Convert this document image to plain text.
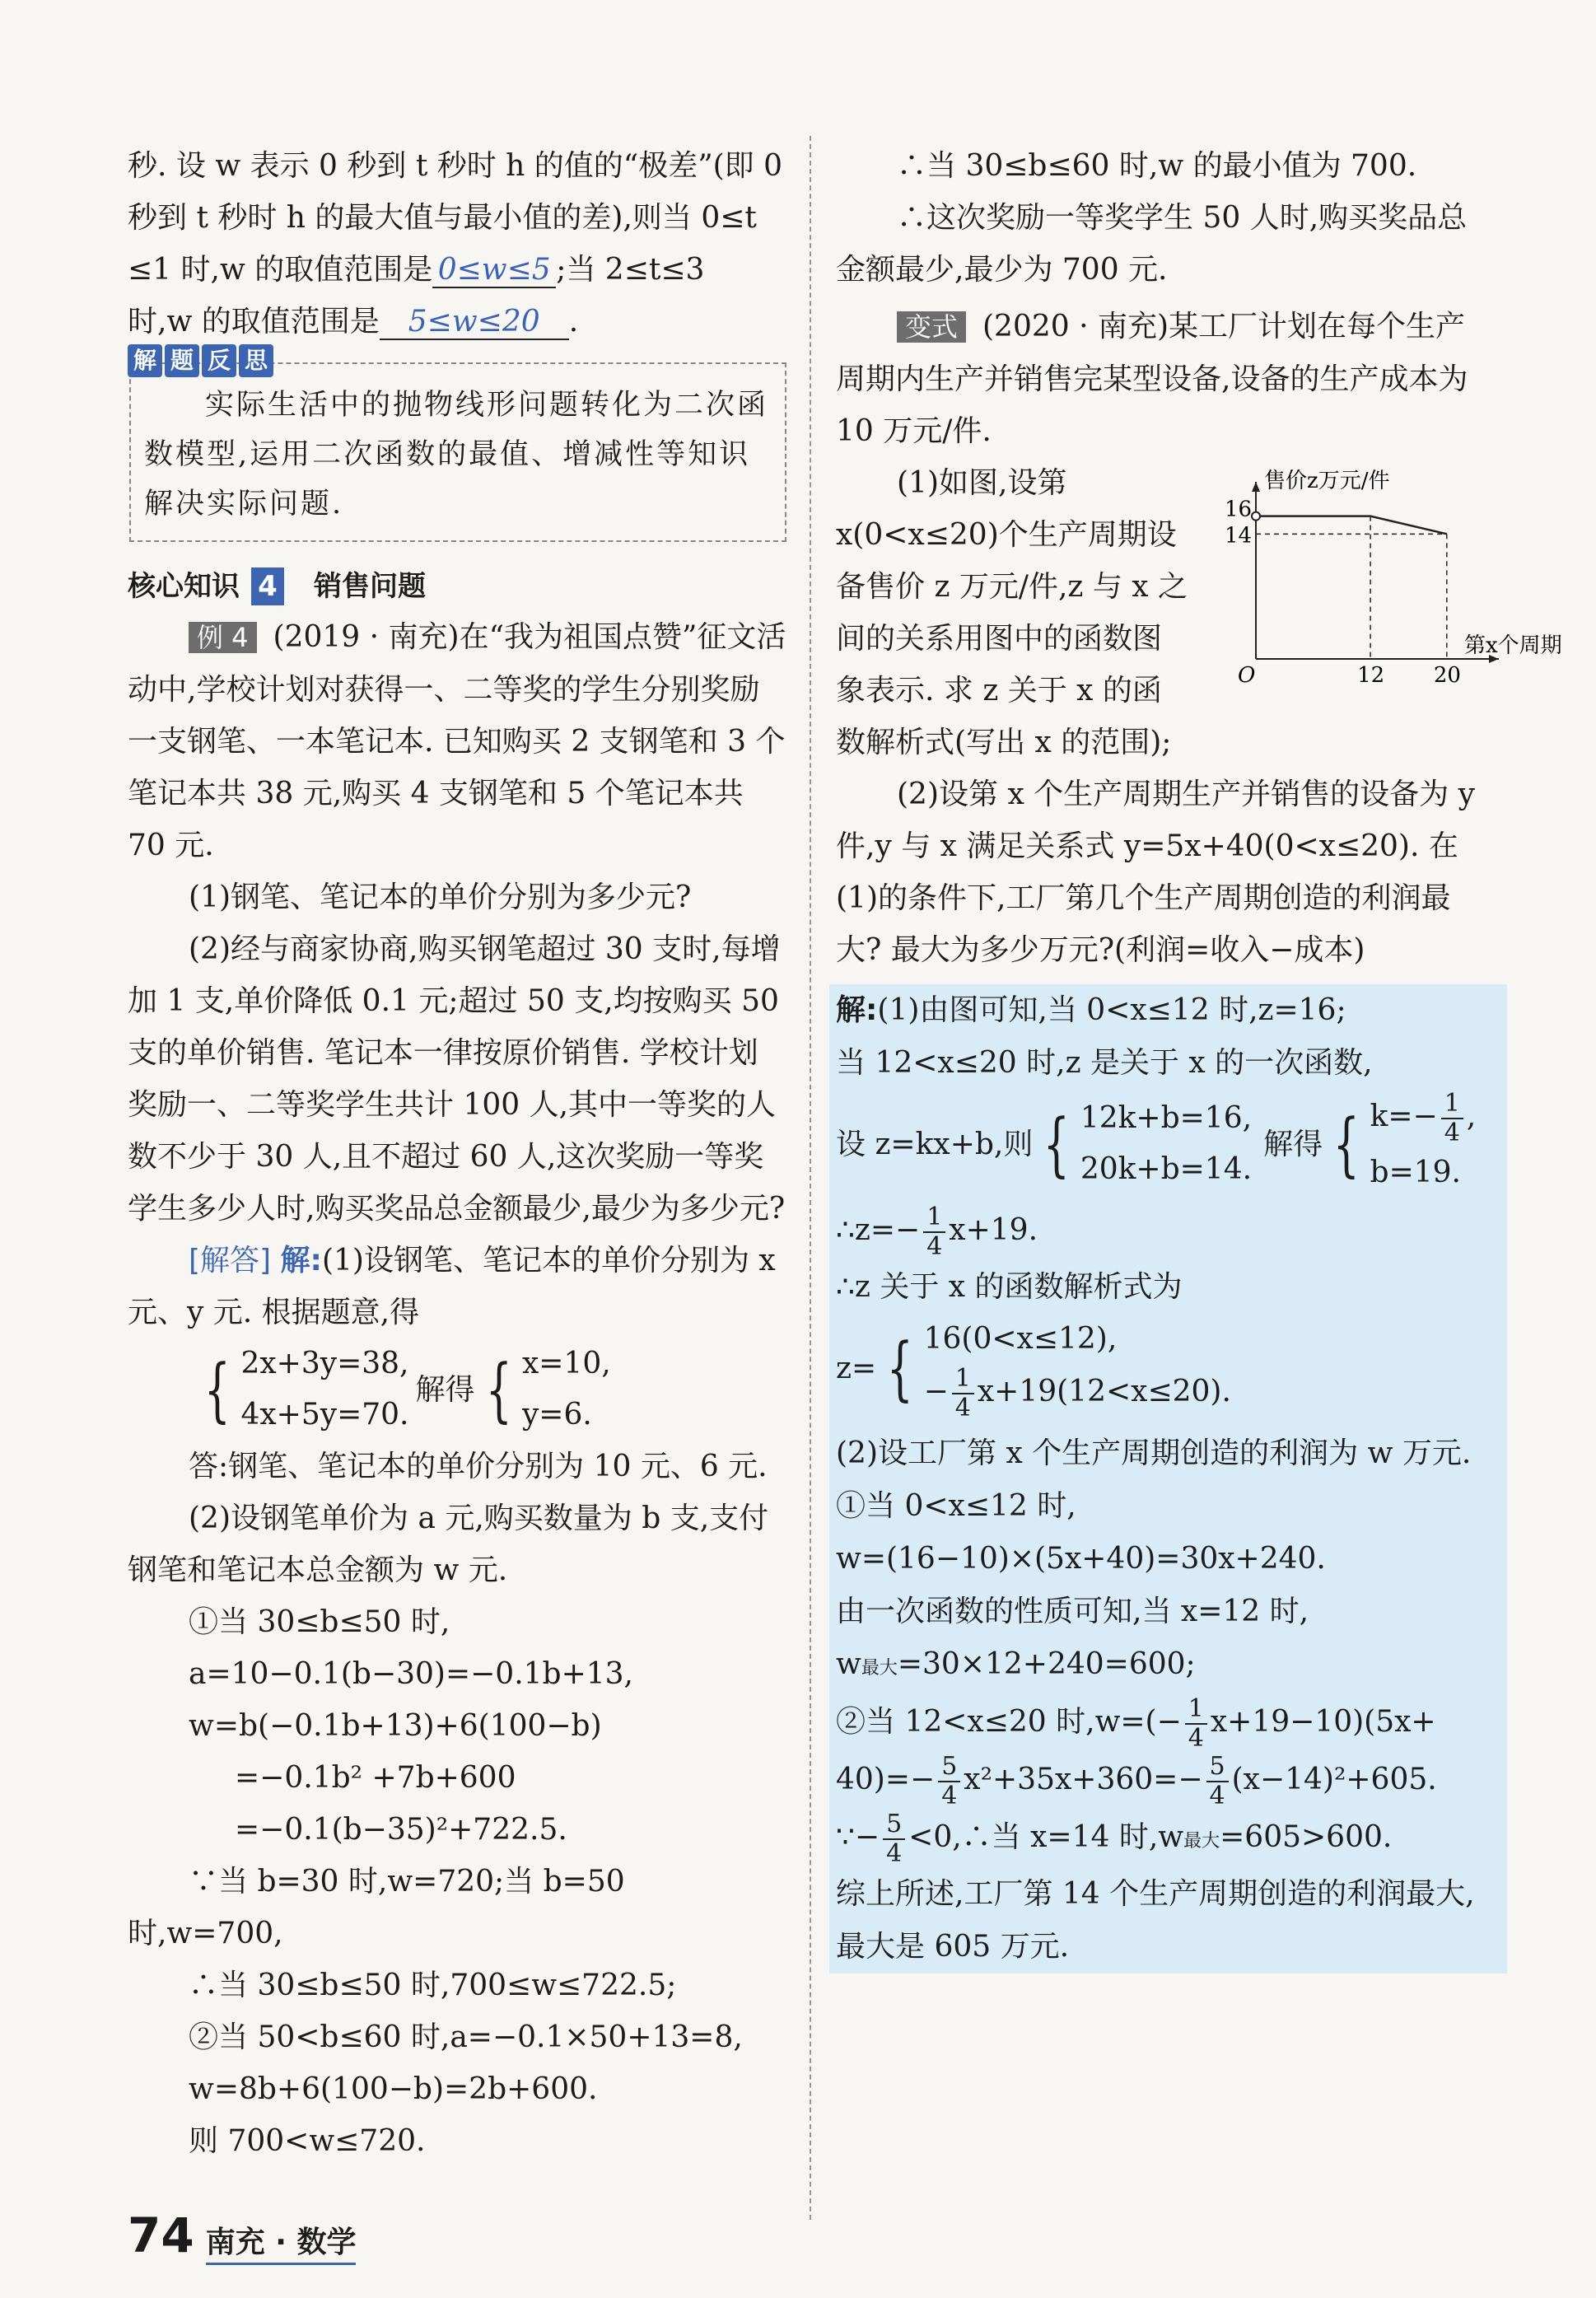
秒. 设 w 表示 0 秒到 t 秒时 h 的值的“极差”(即 0

秒到 t 秒时 h 的最大值与最小值的差),则当 0≤t

≤1 时,w 的取值范围是 0≤w≤5 ;当 2≤t≤3

时,w 的取值范围是 5≤w≤20 .

解 题 反 思

实际生活中的抛物线形问题转化为二次函数模型,运用二次函数的最值、增减性等知识解决实际问题.

核心知识 4 销售问题

例 4 (2019 · 南充)在“我为祖国点赞”征文活动中,学校计划对获得一、二等奖的学生分别奖励一支钢笔、一本笔记本. 已知购买 2 支钢笔和 3 个笔记本共 38 元,购买 4 支钢笔和 5 个笔记本共 70 元.

(1)钢笔、笔记本的单价分别为多少元?

(2)经与商家协商,购买钢笔超过 30 支时,每增加 1 支,单价降低 0.1 元;超过 50 支,均按购买 50 支的单价销售. 笔记本一律按原价销售. 学校计划奖励一、二等奖学生共计 100 人,其中一等奖的人数不少于 30 人,且不超过 60 人,这次奖励一等奖学生多少人时,购买奖品总金额最少,最少为多少元?

[解答] 解:(1)设钢笔、笔记本的单价分别为 x 元、y 元. 根据题意,得

{ 2x+3y=38,
4x+5y=70.
解得 { x=10,
y=6.

答:钢笔、笔记本的单价分别为 10 元、6 元.

(2)设钢笔单价为 a 元,购买数量为 b 支,支付钢笔和笔记本总金额为 w 元.

①当 30≤b≤50 时,

a=10−0.1(b−30)=−0.1b+13,

w=b(−0.1b+13)+6(100−b)

=−0.1b² +7b+600

=−0.1(b−35)²+722.5.

∵当 b=30 时,w=720;当 b=50 时,w=700,

∴当 30≤b≤50 时,700≤w≤722.5;

②当 50<b≤60 时,a=−0.1×50+13=8,

w=8b+6(100−b)=2b+600.

则 700<w≤720.

∴当 30≤b≤60 时,w 的最小值为 700.

∴这次奖励一等奖学生 50 人时,购买奖品总金额最少,最少为 700 元.

变式 (2020 · 南充)某工厂计划在每个生产周期内生产并销售完某型设备,设备的生产成本为 10 万元/件.

(1)如图,设第 x(0<x≤20)个生产周期设备售价 z 万元/件,z 与 x 之间的关系用图中的函数图象表示. 求 z 关于 x 的函数解析式(写出 x 的范围);

(2)设第 x 个生产周期生产并销售的设备为 y 件,y 与 x 满足关系式 y=5x+40(0<x≤20). 在(1)的条件下,工厂第几个生产周期创造的利润最大? 最大为多少万元?(利润=收入−成本)

解:(1)由图可知,当 0<x≤12 时,z=16;

当 12<x≤20 时,z 是关于 x 的一次函数,

设 z=kx+b,则 { 12k+b=16,
20k+b=14.
解得 { $k=- \frac{1}{4}$ ,
b=19.

∴z=− $\frac{1}{4} x+19$.

∴z 关于 x 的函数解析式为

z= { 16(0<x≤12),
− $\frac{1}{4} x+19(12<x\le 20)$.

(2)设工厂第 x 个生产周期创造的利润为 w 万元. ①当 0<x≤12 时,

w=(16−10)×(5x+40)=30x+240.

由一次函数的性质可知,当 x=12 时,

w最大=30×12+240=600;

②当 12<x≤20 时$,w=(- \frac{1}{4} x+19-10)(5x+$

$40)=- \frac{5}{4} x^2+35x+360=- \frac{5}{4} (x-14)^2+605$.

∵− $\frac{5}{4}$ <0,∴当 x=14 时,w最大=605>600.

综上所述,工厂第 14 个生产周期创造的利润最大,最大是 605 万元.

售价z万元/件
第x个周期
O	12 20
16
14
74 南充 · 数学
